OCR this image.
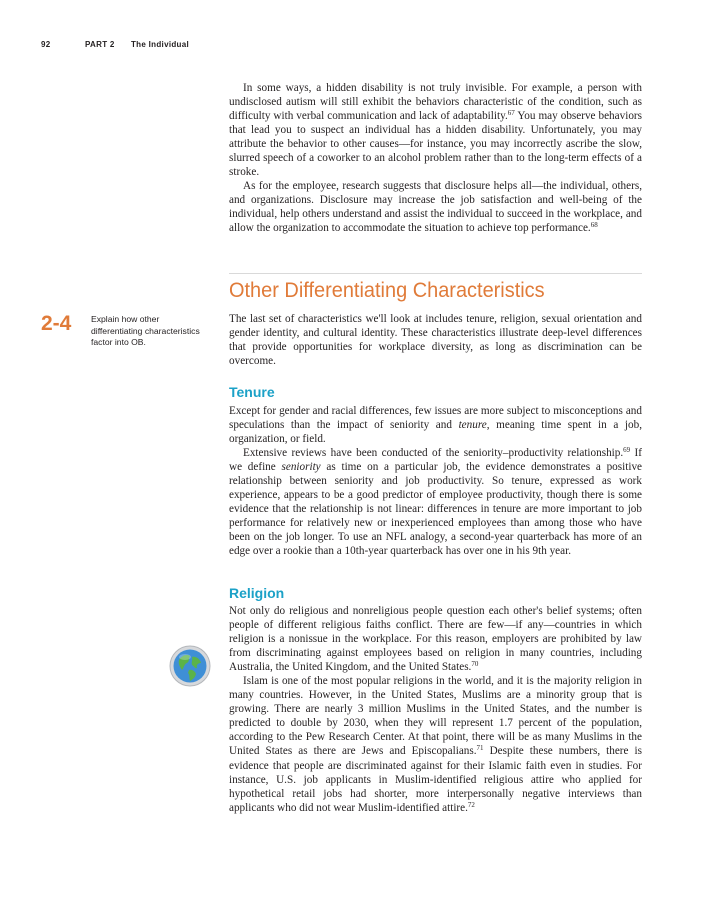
92	PART 2 The Individual

In some ways, a hidden disability is not truly invisible. For example, a person with undisclosed autism will still exhibit the behaviors characteristic of the condition, such as difficulty with verbal communication and lack of adaptability.$^{67}$ You may observe behaviors that lead you to suspect an individual has a hidden disability. Unfortunately, you may attribute the behavior to other causes—for instance, you may incorrectly ascribe the slow, slurred speech of a coworker to an alcohol problem rather than to the long-term effects of a stroke.

As for the employee, research suggests that disclosure helps all—the individual, others, and organizations. Disclosure may increase the job satisfaction and well-being of the individual, help others understand and assist the individual to succeed in the workplace, and allow the organization to accommodate the situation to achieve top performance.$^{68}$

Other Differentiating Characteristics
2-4 Explain how other differentiating characteristics factor into OB.

The last set of characteristics we'll look at includes tenure, religion, sexual orientation and gender identity, and cultural identity. These characteristics illustrate deep-level differences that provide opportunities for workplace diversity, as long as discrimination can be overcome.

Tenure

Except for gender and racial differences, few issues are more subject to misconceptions and speculations than the impact of seniority and tenure, meaning time spent in a job, organization, or field.

Extensive reviews have been conducted of the seniority–productivity relationship.$^{69}$ If we define seniority as time on a particular job, the evidence demonstrates a positive relationship between seniority and job productivity. So tenure, expressed as work experience, appears to be a good predictor of employee productivity, though there is some evidence that the relationship is not linear: differences in tenure are more important to job performance for relatively new or inexperienced employees than among those who have been on the job longer. To use an NFL analogy, a second-year quarterback has more of an edge over a rookie than a 10th-year quarterback has over one in his 9th year.

Religion

Not only do religious and nonreligious people question each other's belief systems; often people of different religious faiths conflict. There are few—if any—countries in which religion is a nonissue in the workplace. For this reason, employers are prohibited by law from discriminating against employees based on religion in many countries, including Australia, the United Kingdom, and the United States.$^{70}$

Islam is one of the most popular religions in the world, and it is the majority religion in many countries. However, in the United States, Muslims are a minority group that is growing. There are nearly 3 million Muslims in the United States, and the number is predicted to double by 2030, when they will represent 1.7 percent of the population, according to the Pew Research Center. At that point, there will be as many Muslims in the United States as there are Jews and Episcopalians.$^{71}$ Despite these numbers, there is evidence that people are discriminated against for their Islamic faith even in studies. For instance, U.S. job applicants in Muslim-identified religious attire who applied for hypothetical retail jobs had shorter, more interpersonally negative interviews than applicants who did not wear Muslim-identified attire.$^{72}$
